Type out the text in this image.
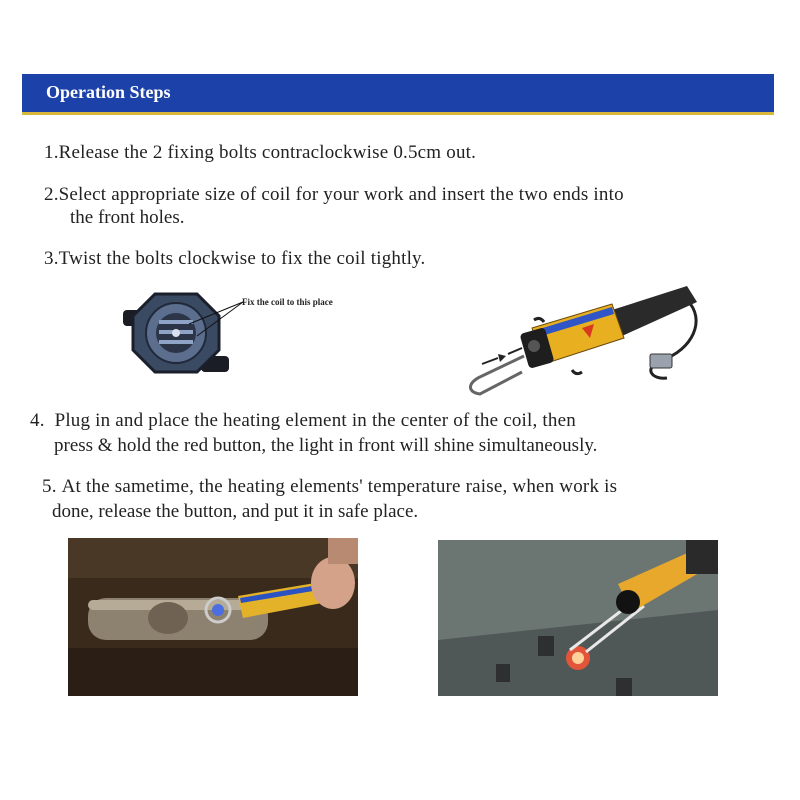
Operation Steps
1.Release the 2 fixing bolts contraclockwise 0.5cm out.
2.Select appropriate size of coil for your work and insert the two ends into
the front holes.
3.Twist the bolts clockwise to fix the coil tightly.
Fix the coil to this place
4. Plug in and place the heating element in the center of the coil, then
press & hold the red button, the light in front will shine simultaneously.
5. At the sametime, the heating elements' temperature raise, when work is
done, release the button, and put it in safe place.
